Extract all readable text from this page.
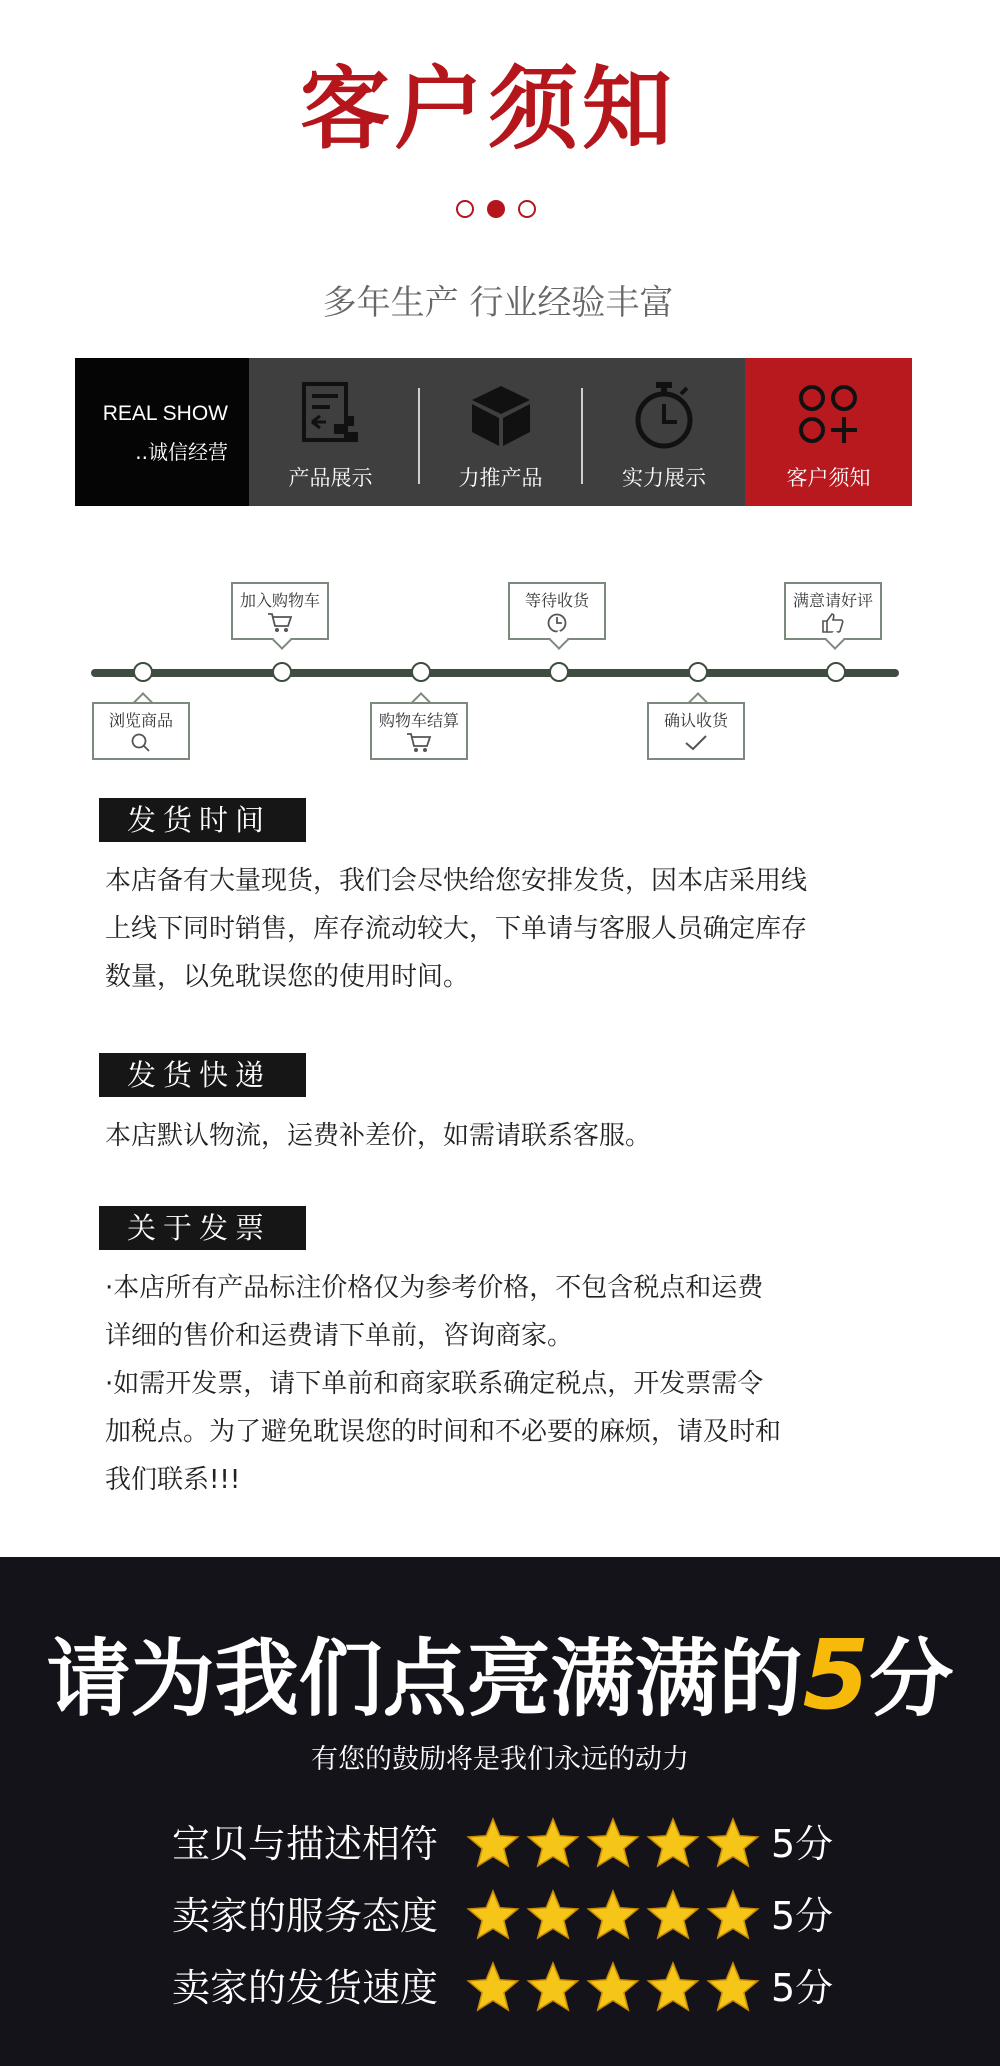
客户须知
多年生产 行业经验丰富
REAL SHOW
..诚信经营
产品展示	力推产品	实力展示	客户须知
浏览商品
加入购物车
购物车结算
等待收货
确认收货
满意请好评
发货时间

本店备有大量现货，我们会尽快给您安排发货，因本店采用线

上线下同时销售，库存流动较大，下单请与客服人员确定库存

数量，以免耽误您的使用时间。

发货快递

本店默认物流，运费补差价，如需请联系客服。

关于发票

·本店所有产品标注价格仅为参考价格，不包含税点和运费

详细的售价和运费请下单前，咨询商家。

·如需开发票，请下单前和商家联系确定税点，开发票需令

加税点。为了避免耽误您的时间和不必要的麻烦，请及时和

我们联系!!!

请为我们点亮满满的5分
有您的鼓励将是我们永远的动力
宝贝与描述相符	5分
卖家的服务态度	5分
卖家的发货速度	5分
